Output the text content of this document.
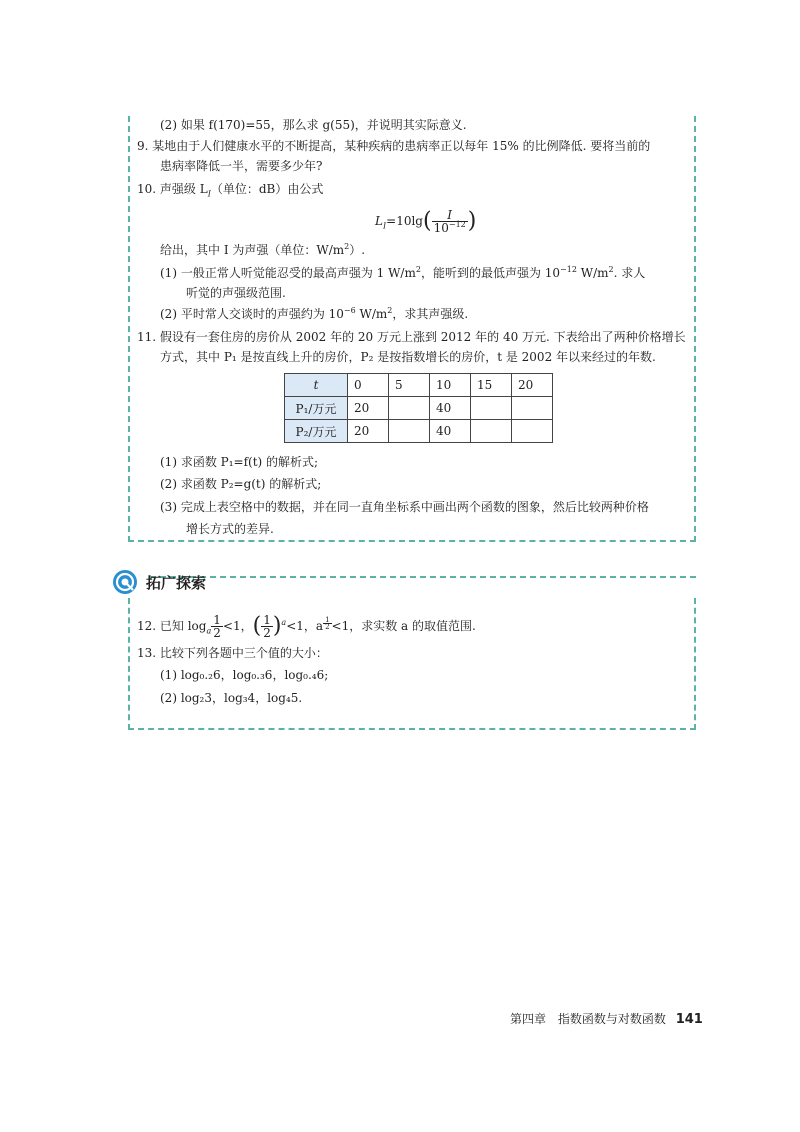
(2) 如果 f(170)=55，那么求 g(55)，并说明其实际意义.
9. 某地由于人们健康水平的不断提高，某种疾病的患病率正以每年 15% 的比例降低. 要将当前的
患病率降低一半，需要多少年?
10. 声强级 $L_I$（单位：dB）由公式
$L_I=10\lg( \frac{I}{10^{-12}}$ )
给出，其中 I 为声强（单位：$W/m^2$）.
(1) 一般正常人听觉能忍受的最高声强为 1 $W/m^2$，能听到的最低声强为 $10^{-12}$ $W/m^2$. 求人
听觉的声强级范围.
(2) 平时常人交谈时的声强约为 $10^{-6}$ $W/m^2$，求其声强级.
11. 假设有一套住房的房价从 2002 年的 20 万元上涨到 2012 年的 40 万元. 下表给出了两种价格增长
方式，其中 P₁ 是按直线上升的房价，P₂ 是按指数增长的房价，t 是 2002 年以来经过的年数.
t	0	5	10	15	20
P₁/万元	20		40		
P₂/万元	20		40		
(1) 求函数 P₁=f(t) 的解析式;
(2) 求函数 P₂=g(t) 的解析式;
(3) 完成上表空格中的数据，并在同一直角坐标系中画出两个函数的图象，然后比较两种价格
增长方式的差异.
拓广探索
12. 已知 $\log_a \frac{1}{2} <1$，( $\frac{1}{2} )^a<1$，a $^{\frac{1}{2}}$ <1，求实数 a 的取值范围.
13. 比较下列各题中三个值的大小：
(1) log₀.₂6，log₀.₃6，log₀.₄6;
(2) log₂3，log₃4，log₄5.
第四章 指数函数与对数函数 141
